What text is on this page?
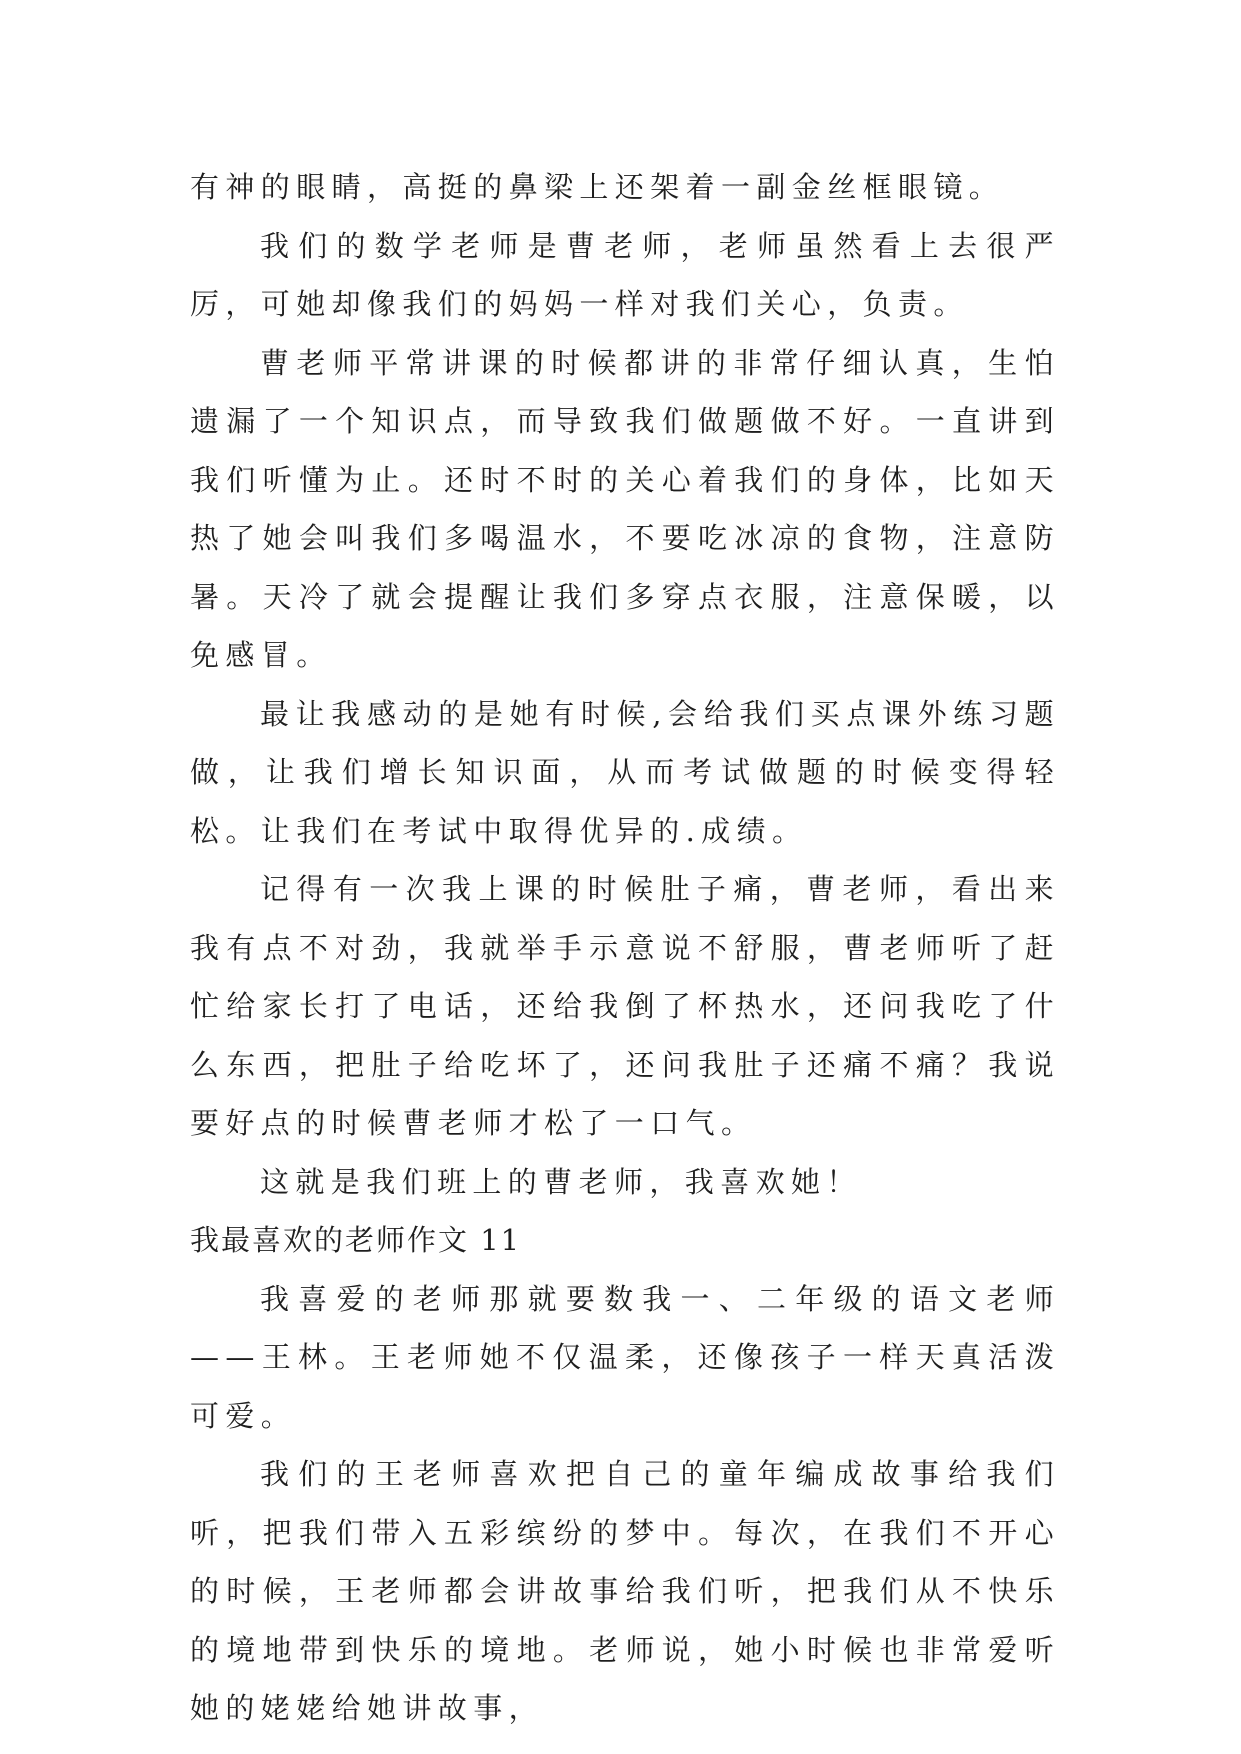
有神的眼睛，高挺的鼻梁上还架着一副金丝框眼镜。

我们的数学老师是曹老师，老师虽然看上去很严厉，可她却像我们的妈妈一样对我们关心，负责。

曹老师平常讲课的时候都讲的非常仔细认真，生怕遗漏了一个知识点，而导致我们做题做不好。一直讲到我们听懂为止。还时不时的关心着我们的身体，比如天热了她会叫我们多喝温水，不要吃冰凉的食物，注意防暑。天冷了就会提醒让我们多穿点衣服，注意保暖，以免感冒。

最让我感动的是她有时候,会给我们买点课外练习题做，让我们增长知识面，从而考试做题的时候变得轻松。让我们在考试中取得优异的.成绩。

记得有一次我上课的时候肚子痛，曹老师，看出来我有点不对劲，我就举手示意说不舒服，曹老师听了赶忙给家长打了电话，还给我倒了杯热水，还问我吃了什么东西，把肚子给吃坏了，还问我肚子还痛不痛？我说要好点的时候曹老师才松了一口气。

这就是我们班上的曹老师，我喜欢她！

我最喜欢的老师作文 11

我喜爱的老师那就要数我一、二年级的语文老师——王林。王老师她不仅温柔，还像孩子一样天真活泼可爱。

我们的王老师喜欢把自己的童年编成故事给我们听，把我们带入五彩缤纷的梦中。每次，在我们不开心的时候，王老师都会讲故事给我们听，把我们从不快乐的境地带到快乐的境地。老师说，她小时候也非常爱听她的姥姥给她讲故事，
